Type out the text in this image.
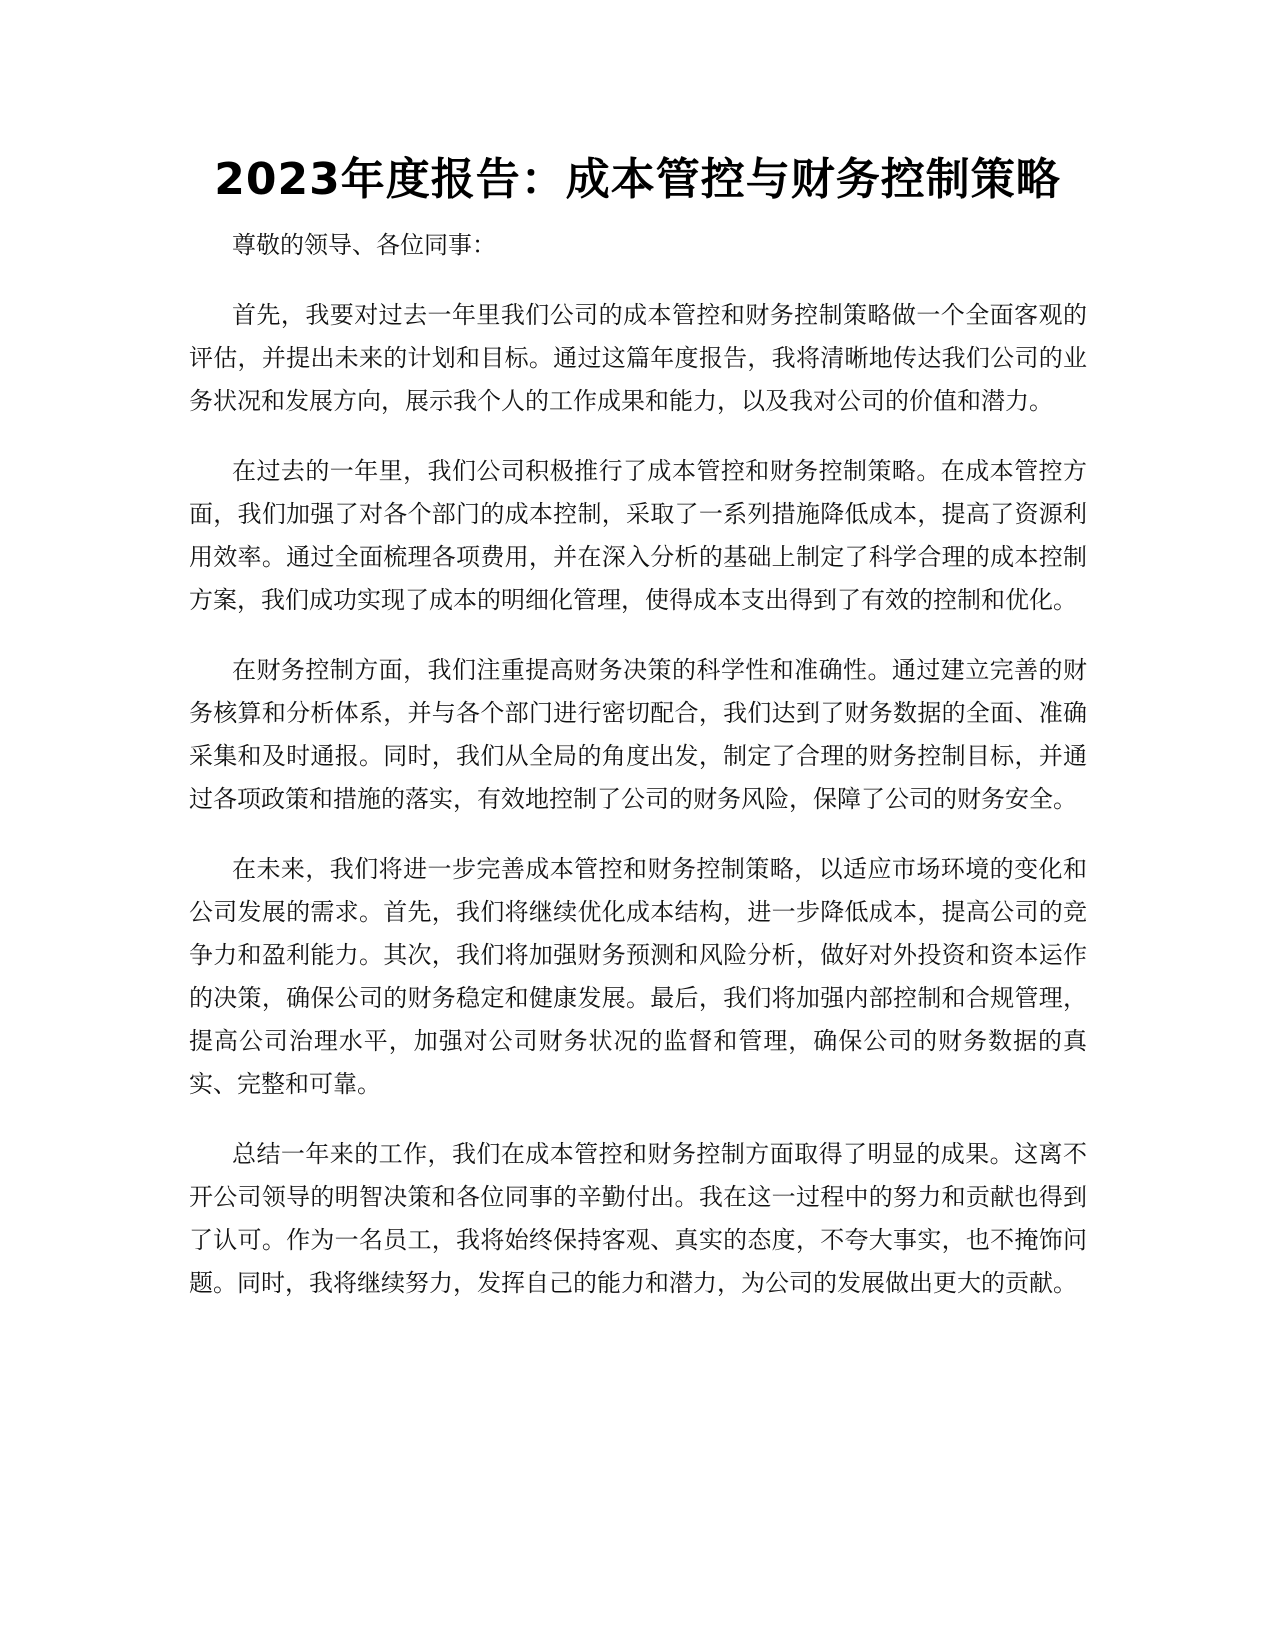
2023年度报告：成本管控与财务控制策略

尊敬的领导、各位同事：

首先，我要对过去一年里我们公司的成本管控和财务控制策略做一个全面客观的评估，并提出未来的计划和目标。通过这篇年度报告，我将清晰地传达我们公司的业务状况和发展方向，展示我个人的工作成果和能力，以及我对公司的价值和潜力。

在过去的一年里，我们公司积极推行了成本管控和财务控制策略。在成本管控方面，我们加强了对各个部门的成本控制，采取了一系列措施降低成本，提高了资源利用效率。通过全面梳理各项费用，并在深入分析的基础上制定了科学合理的成本控制方案，我们成功实现了成本的明细化管理，使得成本支出得到了有效的控制和优化。

在财务控制方面，我们注重提高财务决策的科学性和准确性。通过建立完善的财务核算和分析体系，并与各个部门进行密切配合，我们达到了财务数据的全面、准确采集和及时通报。同时，我们从全局的角度出发，制定了合理的财务控制目标，并通过各项政策和措施的落实，有效地控制了公司的财务风险，保障了公司的财务安全。

在未来，我们将进一步完善成本管控和财务控制策略，以适应市场环境的变化和公司发展的需求。首先，我们将继续优化成本结构，进一步降低成本，提高公司的竞争力和盈利能力。其次，我们将加强财务预测和风险分析，做好对外投资和资本运作的决策，确保公司的财务稳定和健康发展。最后，我们将加强内部控制和合规管理，提高公司治理水平，加强对公司财务状况的监督和管理，确保公司的财务数据的真实、完整和可靠。

总结一年来的工作，我们在成本管控和财务控制方面取得了明显的成果。这离不开公司领导的明智决策和各位同事的辛勤付出。我在这一过程中的努力和贡献也得到了认可。作为一名员工，我将始终保持客观、真实的态度，不夸大事实，也不掩饰问题。同时，我将继续努力，发挥自己的能力和潜力，为公司的发展做出更大的贡献。
